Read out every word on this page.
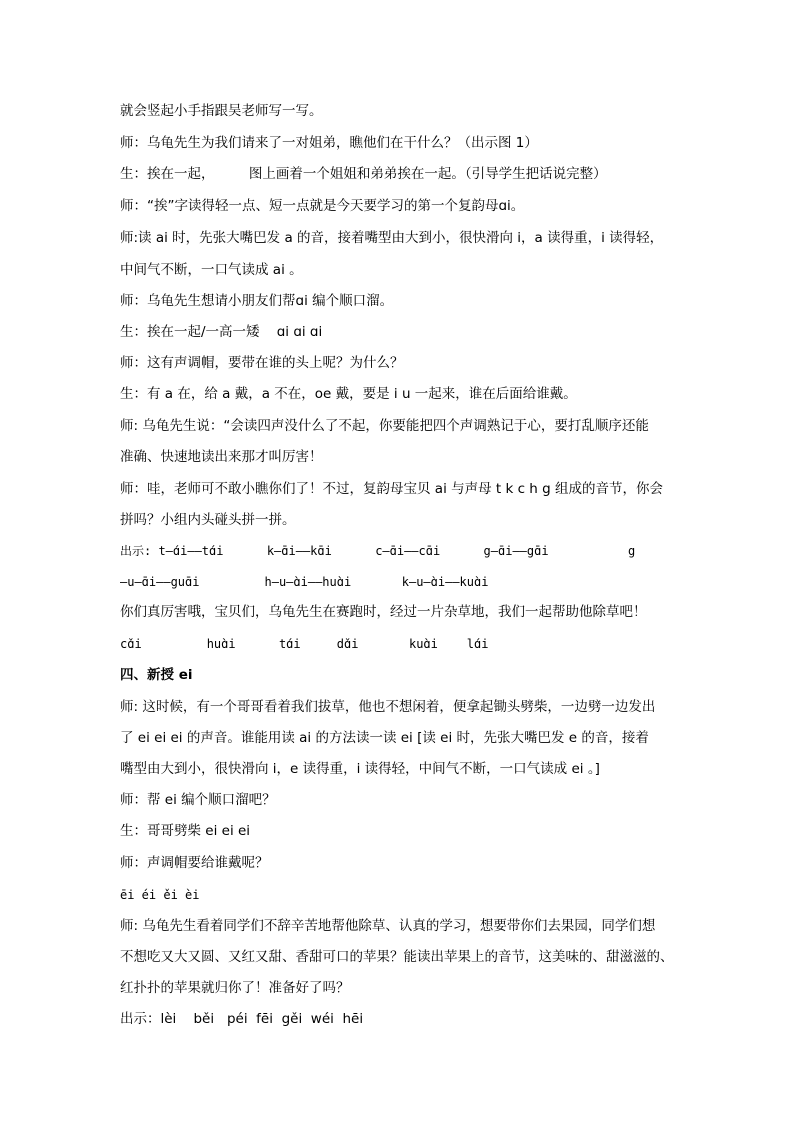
就会竖起小手指跟吴老师写一写。
师：乌龟先生为我们请来了一对姐弟，瞧他们在干什么？（出示图 1）
生：挨在一起，        图上画着一个姐姐和弟弟挨在一起。（引导学生把话说完整）
师：“挨”字读得轻一点、短一点就是今天要学习的第一个复韵母ɑi。
师:读 ai 时，先张大嘴巴发 a 的音，接着嘴型由大到小，很快滑向 i，a 读得重，i 读得轻，
中间气不断，一口气读成 ai 。
师：乌龟先生想请小朋友们帮ɑi 编个顺口溜。
生：挨在一起/一高一矮    ɑi ɑi ɑi
师：这有声调帽，要带在谁的头上呢？为什么？
生：有 a 在，给 a 戴，a 不在，oe 戴，要是 i u 一起来，谁在后面给谁戴。
师: 乌龟先生说：“会读四声没什么了不起，你要能把四个声调熟记于心，要打乱顺序还能
准确、快速地读出来那才叫厉害！
师：哇，老师可不敢小瞧你们了！不过，复韵母宝贝 ai 与声母 t k c h g 组成的音节，你会
拼吗？小组内头碰头拼一拼。
出示: t—ɑ́i——tɑ́i      k—ɑ̄i——kɑ̄i      c—ɑ̄i——cɑ̄i      g—ɑ̄i——gɑ̄i           g
—u—ɑ̄i——guɑ̄i         h—u—ɑ̀i——huɑ̀i       k—u—ɑ̀i——kuɑ̀i
你们真厉害哦，宝贝们，乌龟先生在赛跑时，经过一片杂草地，我们一起帮助他除草吧！
cɑ̌i         huɑ̀i      tɑ́i     dɑ̌i       kuɑ̀i    lɑ́i
四、新授 ei
师: 这时候，有一个哥哥看着我们拔草，他也不想闲着，便拿起锄头劈柴，一边劈一边发出
了 ei ei ei 的声音。谁能用读 ai 的方法读一读 ei [读 ei 时，先张大嘴巴发 e 的音，接着
嘴型由大到小，很快滑向 i，e 读得重，i 读得轻，中间气不断，一口气读成 ei 。]
师：帮 ei 编个顺口溜吧？
生：哥哥劈柴 ei ei ei
师：声调帽要给谁戴呢？
ēi éi ěi èi
师: 乌龟先生看着同学们不辞辛苦地帮他除草、认真的学习，想要带你们去果园，同学们想
不想吃又大又圆、又红又甜、香甜可口的苹果？能读出苹果上的音节，这美味的、甜滋滋的、
红扑扑的苹果就归你了！准备好了吗？
出示：lèi    běi   péi  fēi  gěi  wéi  hēi
